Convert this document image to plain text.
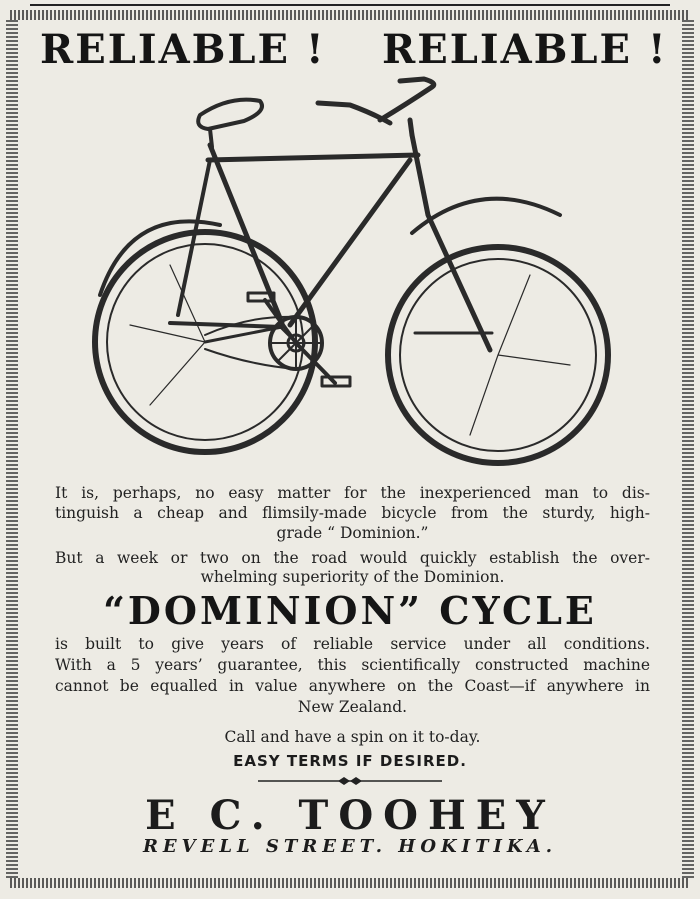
RELIABLE ! RELIABLE !
It is, perhaps, no easy matter for the inexperienced man to dis-
tinguish a cheap and flimsily-made bicycle from the sturdy, high-
grade “ Dominion.”
But a week or two on the road would quickly establish the over-
whelming superiority of the Dominion.
“DOMINION” CYCLE
is built to give years of reliable service under all conditions.
With a 5 years’ guarantee, this scientifically constructed machine
cannot be equalled in value anywhere on the Coast—if anywhere in
New Zealand.
Call and have a spin on it to-day.
EASY TERMS IF DESIRED.
E C. TOOHEY
REVELL STREET. HOKITIKA.
